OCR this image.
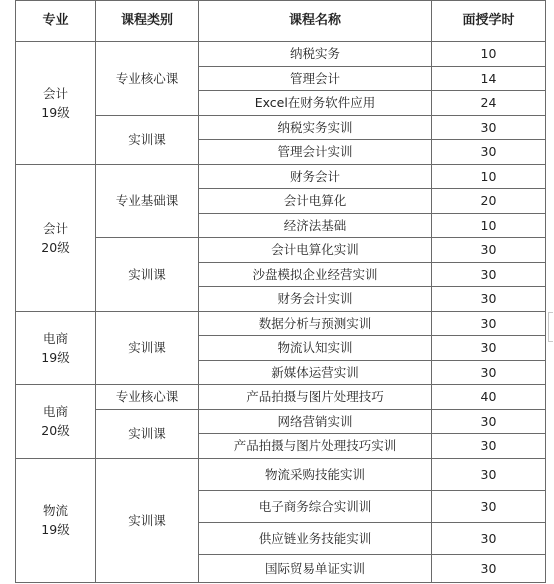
专业	课程类别	课程名称	面授学时

会计
19级	专业核心课	纳税实务	10
		管理会计	14
		Excel在财务软件应用	24
	实训课	纳税实务实训	30
		管理会计实训	30

会计
20级	专业基础课	财务会计	10
		会计电算化	20
		经济法基础	10
	实训课	会计电算化实训	30
		沙盘模拟企业经营实训	30
		财务会计实训	30

电商
19级	实训课	数据分析与预测实训	30
		物流认知实训	30
		新媒体运营实训	30

电商
20级	专业核心课	产品拍摄与图片处理技巧	40
	实训课	网络营销实训	30
		产品拍摄与图片处理技巧实训	30

物流
19级	实训课	物流采购技能实训	30
		电子商务综合实训训	30
		供应链业务技能实训	30
		国际贸易单证实训	30
